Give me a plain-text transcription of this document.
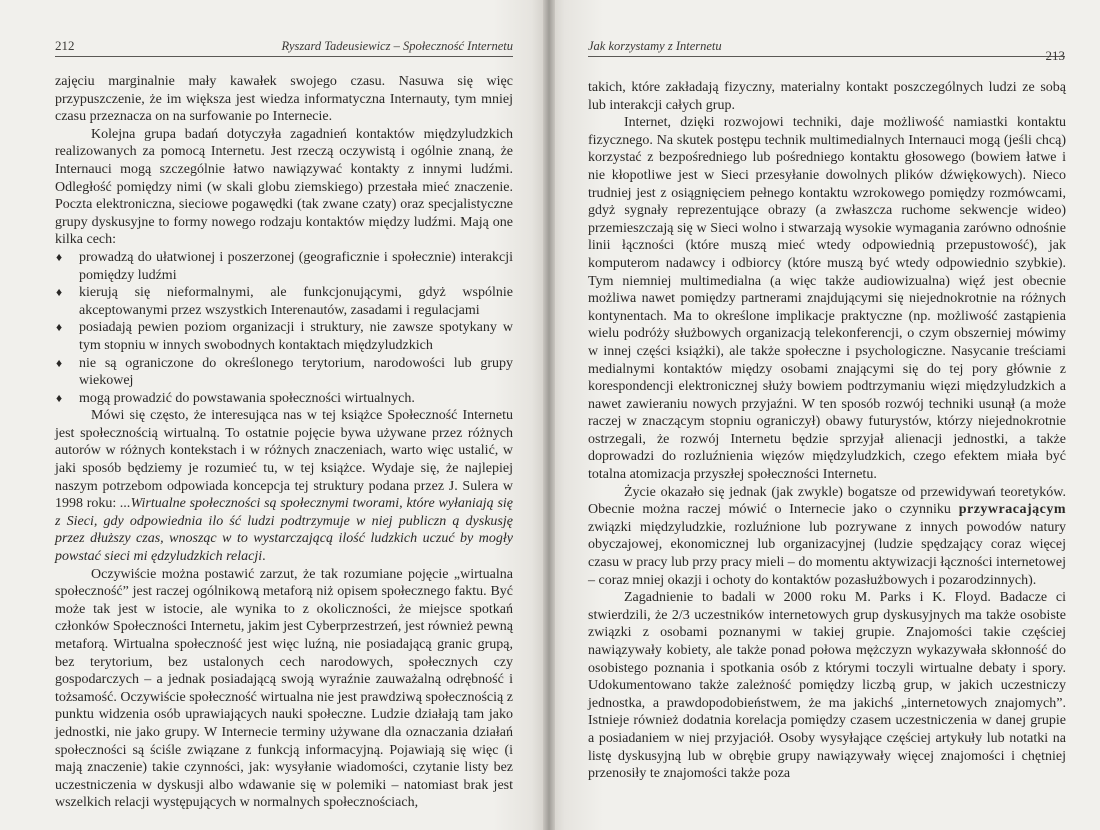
212	Ryszard Tadeusiewicz – Społeczność Internetu

zajęciu marginalnie mały kawałek swojego czasu. Nasuwa się więc przypuszczenie, że im większa jest wiedza informatyczna Internauty, tym mniej czasu przeznacza on na surfowanie po Internecie.

Kolejna grupa badań dotyczyła zagadnień kontaktów międzyludzkich realizowanych za pomocą Internetu. Jest rzeczą oczywistą i ogólnie znaną, że Internauci mogą szczególnie łatwo nawiązywać kontakty z innymi ludźmi. Odległość pomiędzy nimi (w skali globu ziemskiego) przestała mieć znaczenie. Poczta elektroniczna, sieciowe pogawędki (tak zwane czaty) oraz specjalistyczne grupy dyskusyjne to formy nowego rodzaju kontaktów między ludźmi. Mają one kilka cech:

♦ prowadzą do ułatwionej i poszerzonej (geograficznie i społecznie) interakcji pomiędzy ludźmi
♦ kierują się nieformalnymi, ale funkcjonującymi, gdyż wspólnie akceptowanymi przez wszystkich Interenautów, zasadami i regulacjami
♦ posiadają pewien poziom organizacji i struktury, nie zawsze spotykany w tym stopniu w innych swobodnych kontaktach międzyludzkich
♦ nie są ograniczone do określonego terytorium, narodowości lub grupy wiekowej
♦ mogą prowadzić do powstawania społeczności wirtualnych.

Mówi się często, że interesująca nas w tej książce Społeczność Internetu jest społecznością wirtualną. To ostatnie pojęcie bywa używane przez różnych autorów w różnych kontekstach i w różnych znaczeniach, warto więc ustalić, w jaki sposób będziemy je rozumieć tu, w tej książce. Wydaje się, że najlepiej naszym potrzebom odpowiada koncepcja tej struktury podana przez J. Sulera w 1998 roku: ...Wirtualne społeczności są społecznymi tworami, które wyłaniają się z Sieci, gdy odpowiednia ilo ść ludzi podtrzymuje w niej publiczn ą dyskusję przez dłuższy czas, wnosząc w to wystarczającą ilość ludzkich uczuć by mogły powstać sieci mi ędzyludzkich relacji.

Oczywiście można postawić zarzut, że tak rozumiane pojęcie „wirtualna społeczność” jest raczej ogólnikową metaforą niż opisem społecznego faktu. Być może tak jest w istocie, ale wynika to z okoliczności, że miejsce spotkań członków Społeczności Internetu, jakim jest Cyberprzestrzeń, jest również pewną metaforą. Wirtualna społeczność jest więc luźną, nie posiadającą granic grupą, bez terytorium, bez ustalonych cech narodowych, społecznych czy gospodarczych – a jednak posiadającą swoją wyraźnie zauważalną odrębność i tożsamość. Oczywiście społeczność wirtualna nie jest prawdziwą społecznością z punktu widzenia osób uprawiających nauki społeczne. Ludzie działają tam jako jednostki, nie jako grupy. W Internecie terminy używane dla oznaczania działań społeczności są ściśle związane z funkcją informacyjną. Pojawiają się więc (i mają znaczenie) takie czynności, jak: wysyłanie wiadomości, czytanie listy bez uczestniczenia w dyskusji albo wdawanie się w polemiki – natomiast brak jest wszelkich relacji występujących w normalnych społecznościach,

Jak korzystamy z Internetu
213

takich, które zakładają fizyczny, materialny kontakt poszczególnych ludzi ze sobą lub interakcji całych grup.

Internet, dzięki rozwojowi techniki, daje możliwość namiastki kontaktu fizycznego. Na skutek postępu technik multimedialnych Internauci mogą (jeśli chcą) korzystać z bezpośredniego lub pośredniego kontaktu głosowego (bowiem łatwe i nie kłopotliwe jest w Sieci przesyłanie dowolnych plików dźwiękowych). Nieco trudniej jest z osiągnięciem pełnego kontaktu wzrokowego pomiędzy rozmówcami, gdyż sygnały reprezentujące obrazy (a zwłaszcza ruchome sekwencje wideo) przemieszczają się w Sieci wolno i stwarzają wysokie wymagania zarówno odnośnie linii łączności (które muszą mieć wtedy odpowiednią przepustowość), jak komputerom nadawcy i odbiorcy (które muszą być wtedy odpowiednio szybkie). Tym niemniej multimedialna (a więc także audiowizualna) więź jest obecnie możliwa nawet pomiędzy partnerami znajdującymi się niejednokrotnie na różnych kontynentach. Ma to określone implikacje praktyczne (np. możliwość zastąpienia wielu podróży służbowych organizacją telekonferencji, o czym obszerniej mówimy w innej części książki), ale także społeczne i psychologiczne. Nasycanie treściami medialnymi kontaktów między osobami znającymi się do tej pory głównie z korespondencji elektronicznej służy bowiem podtrzymaniu więzi międzyludzkich a nawet zawieraniu nowych przyjaźni. W ten sposób rozwój techniki usunął (a może raczej w znaczącym stopniu ograniczył) obawy futurystów, którzy niejednokrotnie ostrzegali, że rozwój Internetu będzie sprzyjał alienacji jednostki, a także doprowadzi do rozluźnienia więzów międzyludzkich, czego efektem miała być totalna atomizacja przyszłej społeczności Internetu.

Życie okazało się jednak (jak zwykle) bogatsze od przewidywań teoretyków. Obecnie można raczej mówić o Internecie jako o czynniku przywracającym związki międzyludzkie, rozluźnione lub pozrywane z innych powodów natury obyczajowej, ekonomicznej lub organizacyjnej (ludzie spędzający coraz więcej czasu w pracy lub przy pracy mieli – do momentu aktywizacji łączności internetowej – coraz mniej okazji i ochoty do kontaktów pozasłużbowych i pozarodzinnych).

Zagadnienie to badali w 2000 roku M. Parks i K. Floyd. Badacze ci stwierdzili, że 2/3 uczestników internetowych grup dyskusyjnych ma także osobiste związki z osobami poznanymi w takiej grupie. Znajomości takie częściej nawiązywały kobiety, ale także ponad połowa mężczyzn wykazywała skłonność do osobistego poznania i spotkania osób z którymi toczyli wirtualne debaty i spory. Udokumentowano także zależność pomiędzy liczbą grup, w jakich uczestniczy jednostka, a prawdopodobieństwem, że ma jakichś „internetowych znajomych”. Istnieje również dodatnia korelacja pomiędzy czasem uczestniczenia w danej grupie a posiadaniem w niej przyjaciół. Osoby wysyłające częściej artykuły lub notatki na listę dyskusyjną lub w obrębie grupy nawiązywały więcej znajomości i chętniej przenosiły te znajomości także poza
